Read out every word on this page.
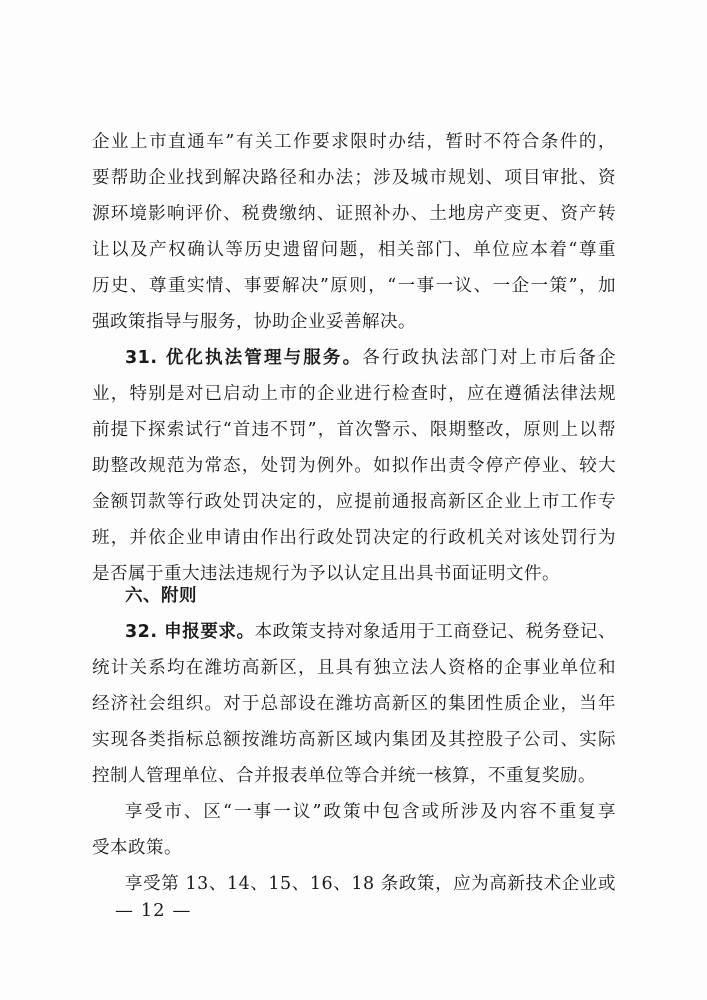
企业上市直通车”有关工作要求限时办结，暂时不符合条件的，
要帮助企业找到解决路径和办法；涉及城市规划、项目审批、资
源环境影响评价、税费缴纳、证照补办、土地房产变更、资产转
让以及产权确认等历史遗留问题，相关部门、单位应本着“尊重
历史、尊重实情、事要解决”原则，“一事一议、一企一策”，加
强政策指导与服务，协助企业妥善解决。
31. 优化执法管理与服务。各行政执法部门对上市后备企
业，特别是对已启动上市的企业进行检查时，应在遵循法律法规
前提下探索试行“首违不罚”，首次警示、限期整改，原则上以帮
助整改规范为常态，处罚为例外。如拟作出责令停产停业、较大
金额罚款等行政处罚决定的，应提前通报高新区企业上市工作专
班，并依企业申请由作出行政处罚决定的行政机关对该处罚行为
是否属于重大违法违规行为予以认定且出具书面证明文件。
六、附则
32. 申报要求。本政策支持对象适用于工商登记、税务登记、
统计关系均在潍坊高新区，且具有独立法人资格的企事业单位和
经济社会组织。对于总部设在潍坊高新区的集团性质企业，当年
实现各类指标总额按潍坊高新区域内集团及其控股子公司、实际
控制人管理单位、合并报表单位等合并统一核算，不重复奖励。
享受市、区“一事一议”政策中包含或所涉及内容不重复享
受本政策。
享受第 13、14、15、16、18 条政策，应为高新技术企业或
— 12 —
